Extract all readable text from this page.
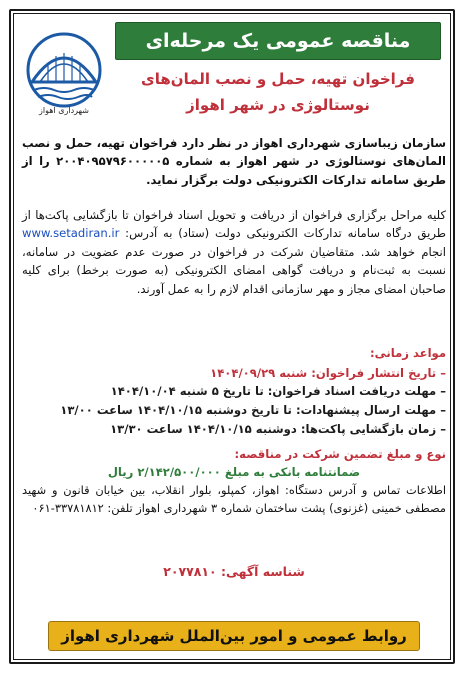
شهرداری اهواز
مناقصه عمومی یک مرحله‌ای
فراخوان تهیه، حمل و نصب المان‌های
نوستالوژی در شهر اهواز
سازمان زیباسازی شهرداری اهواز در نظر دارد فراخوان تهیه، حمل و نصب المان‌های نوستالوژی در شهر اهواز به شماره ۲۰۰۴۰۹۵۷۹۶۰۰۰۰۰۵ را از طریق سامانه تدارکات الکترونیکی دولت برگزار نماید.
کلیه مراحل برگزاری فراخوان از دریافت و تحویل اسناد فراخوان تا بازگشایی پاکت‌ها از طریق درگاه سامانه تدارکات الکترونیکی دولت (ستاد) به آدرس: www.setadiran.ir انجام خواهد شد. متقاضیان شرکت در فراخوان در صورت عدم عضویت در سامانه، نسبت به ثبت‌نام و دریافت گواهی امضای الکترونیکی (به صورت برخط) برای کلیه صاحبان امضای مجاز و مهر سازمانی اقدام لازم را به عمل آورند.
مواعد زمانی:
– تاریخ انتشار فراخوان: شنبه ۱۴۰۴/۰۹/۲۹
– مهلت دریافت اسناد فراخوان: تا تاریخ ۵ شنبه ۱۴۰۴/۱۰/۰۴
– مهلت ارسال پیشنهادات: تا تاریخ دوشنبه ۱۴۰۴/۱۰/۱۵ ساعت ۱۳/۰۰
– زمان بازگشایی پاکت‌ها: دوشنبه ۱۴۰۴/۱۰/۱۵ ساعت ۱۳/۳۰
نوع و مبلغ تضمین شرکت در مناقصه:
ضمانتنامه بانکی به مبلغ ۲/۱۴۲/۵۰۰/۰۰۰ ریال
اطلاعات تماس و آدرس دستگاه: اهواز، کمپلو، بلوار انقلاب، بین خیابان قانون و شهید مصطفی خمینی (غزنوی) پشت ساختمان شماره ۳ شهرداری اهواز تلفن: ۳۳۷۸۱۸۱۲-۰۶۱
شناسه آگهی: ۲۰۷۷۸۱۰
روابط عمومی و امور بین‌الملل شهرداری اهواز
